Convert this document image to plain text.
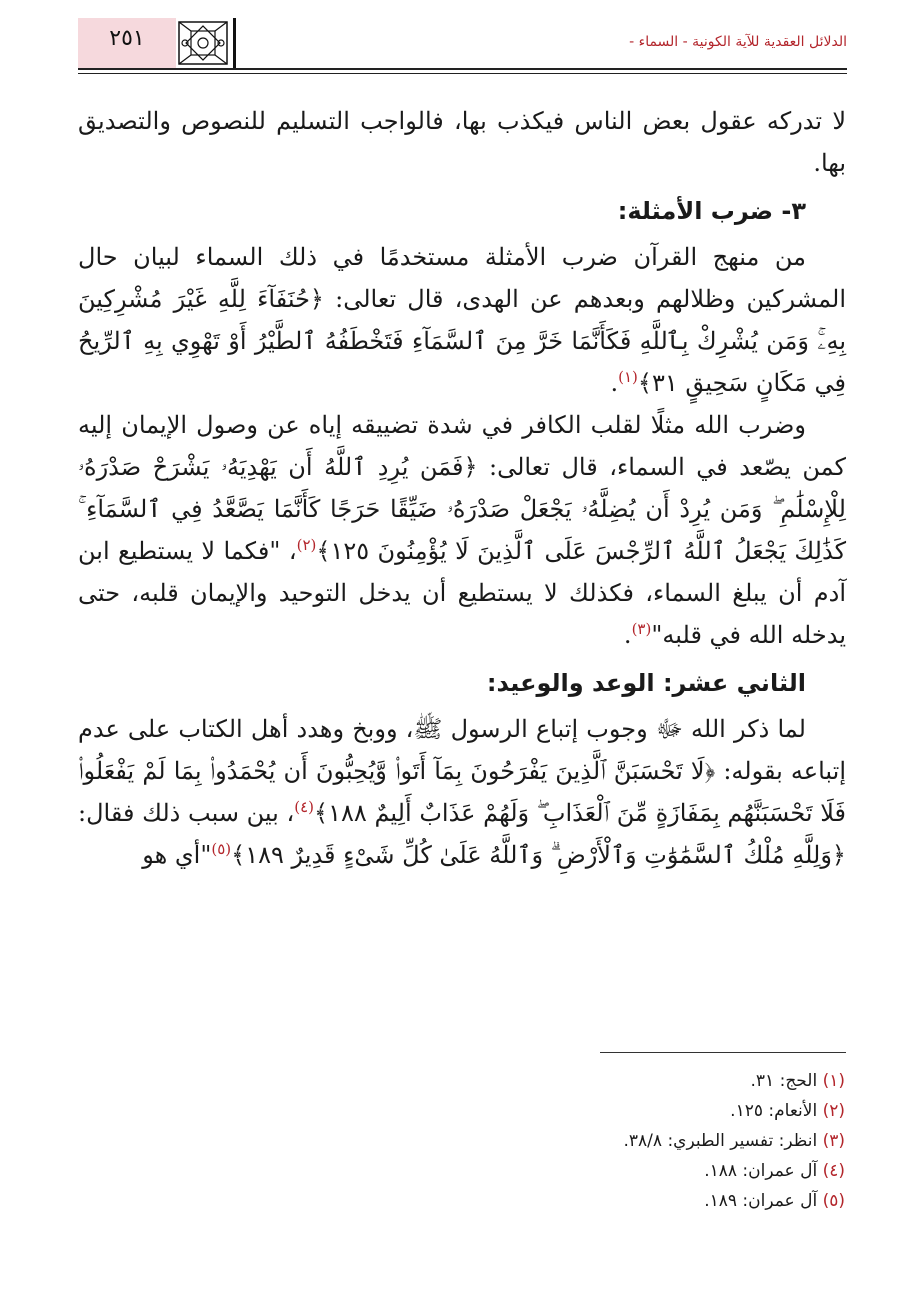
٢٥١	الدلائل العقدية للآية الكونية - السماء -

لا تدركه عقول بعض الناس فيكذب بها، فالواجب التسليم للنصوص والتصديق بها.

٣- ضرب الأمثلة:

من منهج القرآن ضرب الأمثلة مستخدمًا في ذلك السماء لبيان حال المشركين وظلالهم وبعدهم عن الهدى، قال تعالى: ﴿حُنَفَآءَ لِلَّهِ غَيْرَ مُشْرِكِينَ بِهِۦۚ وَمَن يُشْرِكْ بِٱللَّهِ فَكَأَنَّمَا خَرَّ مِنَ ٱلسَّمَآءِ فَتَخْطَفُهُ ٱلطَّيْرُ أَوْ تَهْوِي بِهِ ٱلرِّيحُ فِي مَكَانٍ سَحِيقٍ ٣١﴾$^{(١)}$.

وضرب الله مثلًا لقلب الكافر في شدة تضييقه إياه عن وصول الإيمان إليه كمن يصّعد في السماء، قال تعالى: ﴿فَمَن يُرِدِ ٱللَّهُ أَن يَهْدِيَهُۥ يَشْرَحْ صَدْرَهُۥ لِلْإِسْلَٰمِ ۖ وَمَن يُرِدْ أَن يُضِلَّهُۥ يَجْعَلْ صَدْرَهُۥ ضَيِّقًا حَرَجًا كَأَنَّمَا يَصَّعَّدُ فِي ٱلسَّمَآءِ ۚ كَذَٰلِكَ يَجْعَلُ ٱللَّهُ ٱلرِّجْسَ عَلَى ٱلَّذِينَ لَا يُؤْمِنُونَ ١٢٥﴾$^{(٢)}$، "فكما لا يستطيع ابن آدم أن يبلغ السماء، فكذلك لا يستطيع أن يدخل التوحيد والإيمان قلبه، حتى يدخله الله في قلبه"$^{(٣)}$.

الثاني عشر: الوعد والوعيد:

لما ذكر الله ﷻ وجوب إتباع الرسول ﷺ، ووبخ وهدد أهل الكتاب على عدم إتباعه بقوله: ﴿لَا تَحْسَبَنَّ ٱلَّذِينَ يَفْرَحُونَ بِمَآ أَتَوا۟ وَّيُحِبُّونَ أَن يُحْمَدُوا۟ بِمَا لَمْ يَفْعَلُوا۟ فَلَا تَحْسَبَنَّهُم بِمَفَازَةٍ مِّنَ ٱلْعَذَابِ ۖ وَلَهُمْ عَذَابٌ أَلِيمٌ ١٨٨﴾$^{(٤)}$، بين سبب ذلك فقال: ﴿وَلِلَّهِ مُلْكُ ٱلسَّمَٰوَٰتِ وَٱلْأَرْضِ ۗ وَٱللَّهُ عَلَىٰ كُلِّ شَىْءٍ قَدِيرٌ ١٨٩﴾$^{(٥)}$"أي هو

(١) الحج: ٣١.
(٢) الأنعام: ١٢٥.
(٣) انظر: تفسير الطبري: ٣٨/٨.
(٤) آل عمران: ١٨٨.
(٥) آل عمران: ١٨٩.
